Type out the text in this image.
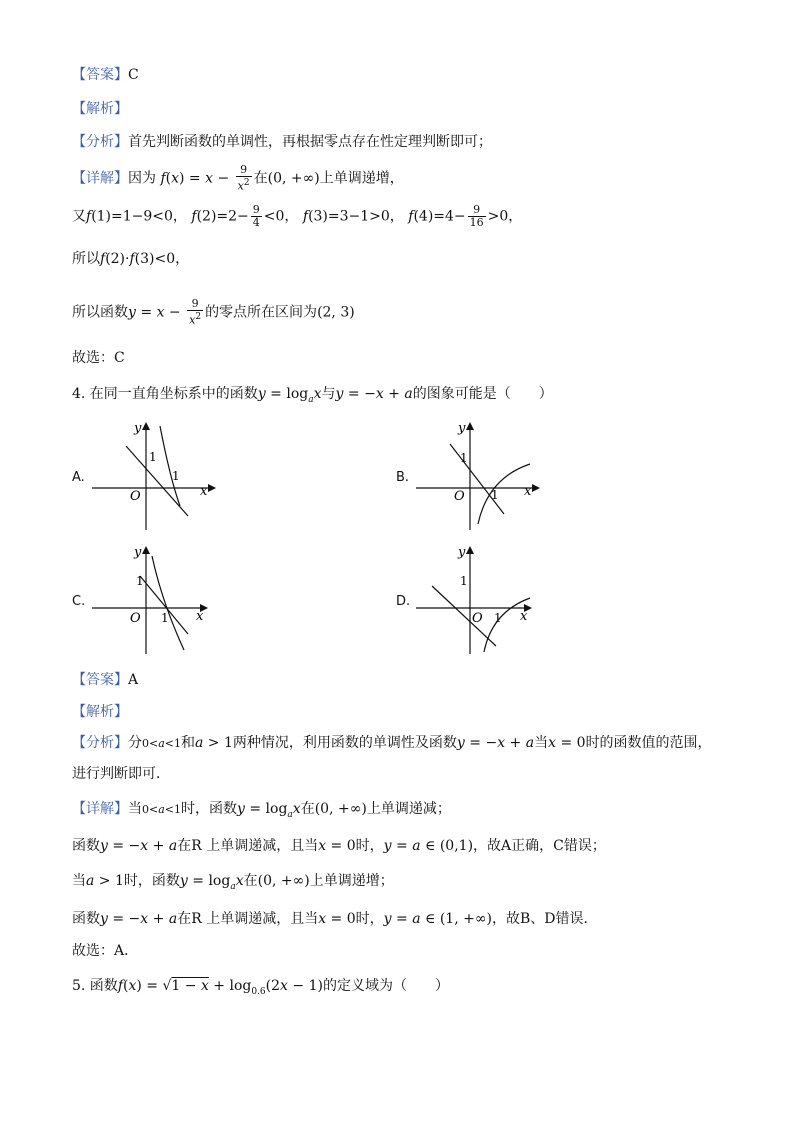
【答案】C
【解析】
【分析】首先判断函数的单调性，再根据零点存在性定理判断即可；
【详解】因为 $f(x) = x - \frac{9}{x^2}$ 在(0, +∞)上单调递增，
又f(1)=1−9<0， $f(2)=2- \frac{9}{4} <0$， f(3)=3−1>0， $f(4)=4- \frac{9}{16} >0$，
所以f(2)·f(3)<0，
所以函数$y = x - \frac{9}{x^2}$ 的零点所在区间为(2, 3)
故选：C
4. 在同一直角坐标系中的函数$y = \log_ax$与y = −x + a的图象可能是（　　）
A.	B.
C.	D.
x
y
O
1
1
x
y
O
1
1
x
y
O
1
1	x
y
O
1
1
【答案】A
【解析】
【分析】分0<a<1和a > 1两种情况，利用函数的单调性及函数y = −x + a当x = 0时的函数值的范围，
进行判断即可．
【详解】当0<a<1时，函数$y = \log_ax$在(0, +∞)上单调递减；
函数y = −x + a在R 上单调递减，且当x = 0时，y = a ∈ (0,1)，故A正确，C错误；
当a > 1时，函数$y = \log_ax$在(0, +∞)上单调递增；
函数y = −x + a在R 上单调递减，且当x = 0时，y = a ∈ (1, +∞)，故B、D错误．
故选：A．
5. 函数$f(x) = √1 - x + \log_{0.6}(2x - 1)$的定义域为（　　）
